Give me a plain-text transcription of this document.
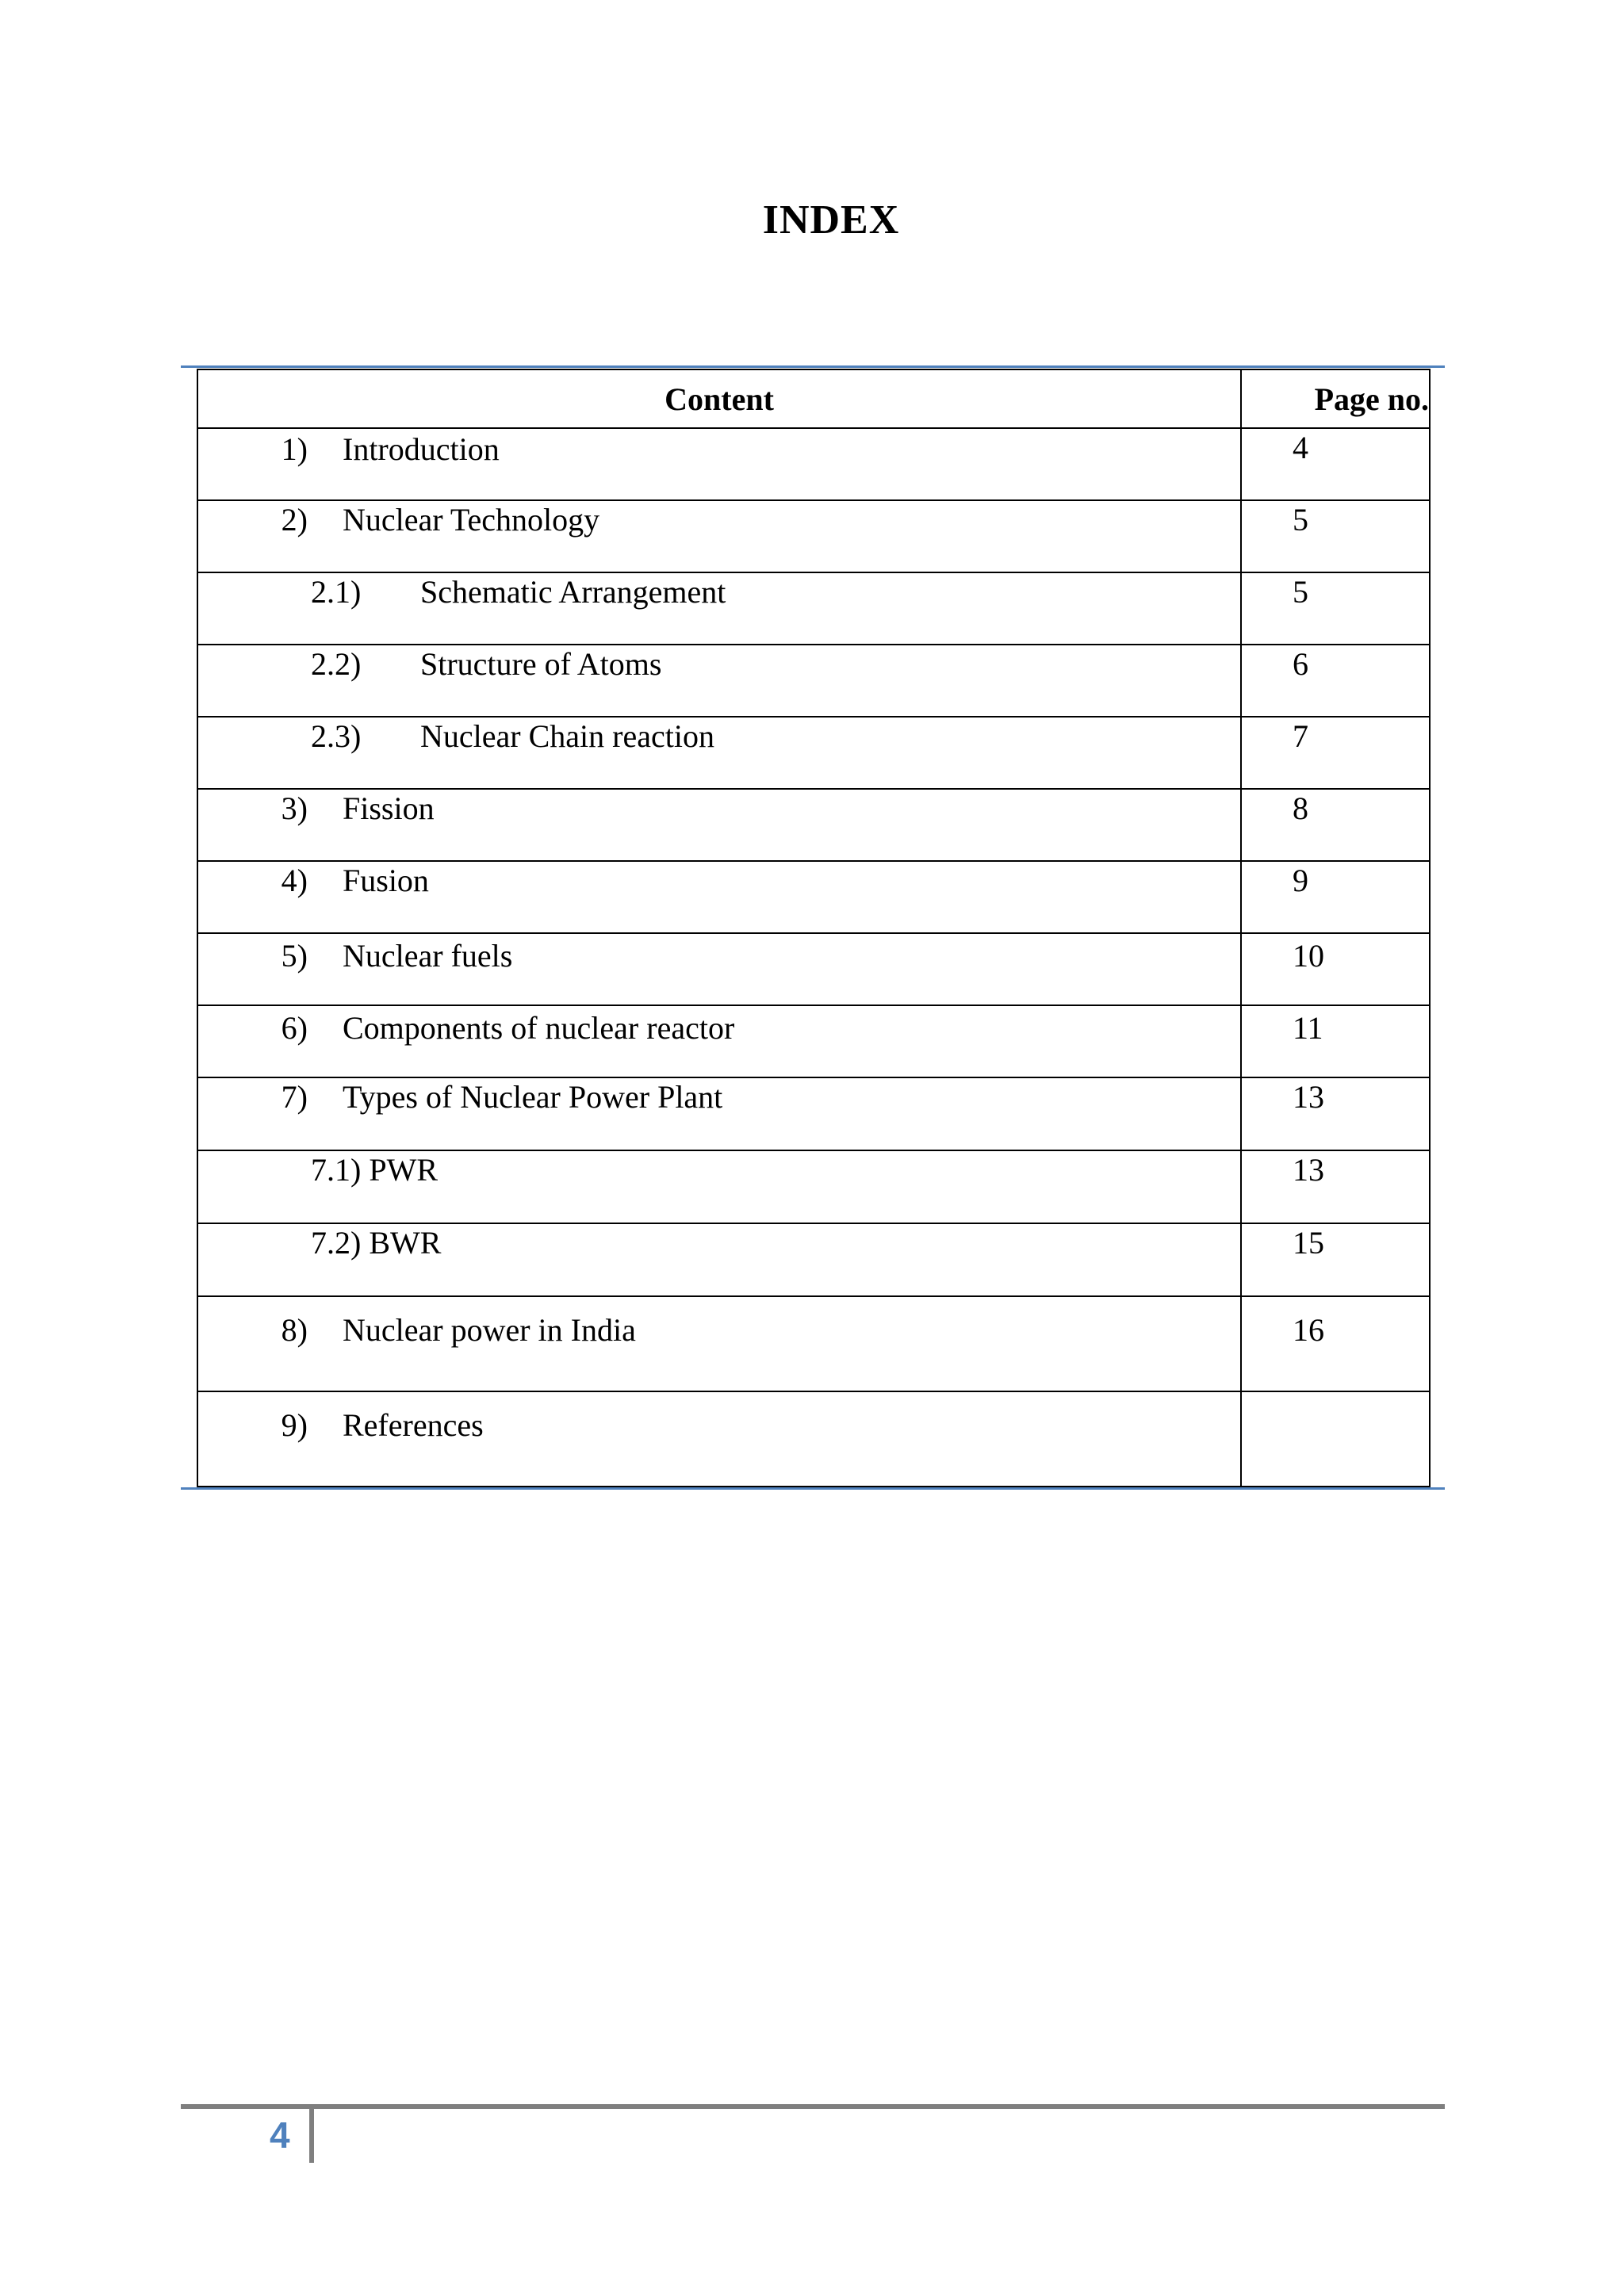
INDEX
Content	Page no.

1) Introduction	4

2) Nuclear Technology	5

2.1) Schematic Arrangement	5

2.2) Structure of Atoms	6

2.3) Nuclear Chain reaction	7

3) Fission	8

4) Fusion	9

5) Nuclear fuels	10

6) Components of nuclear reactor	11

7) Types of Nuclear Power Plant	13

7.1) PWR	13

7.2) BWR	15

8) Nuclear power in India	16

9) References	

4
